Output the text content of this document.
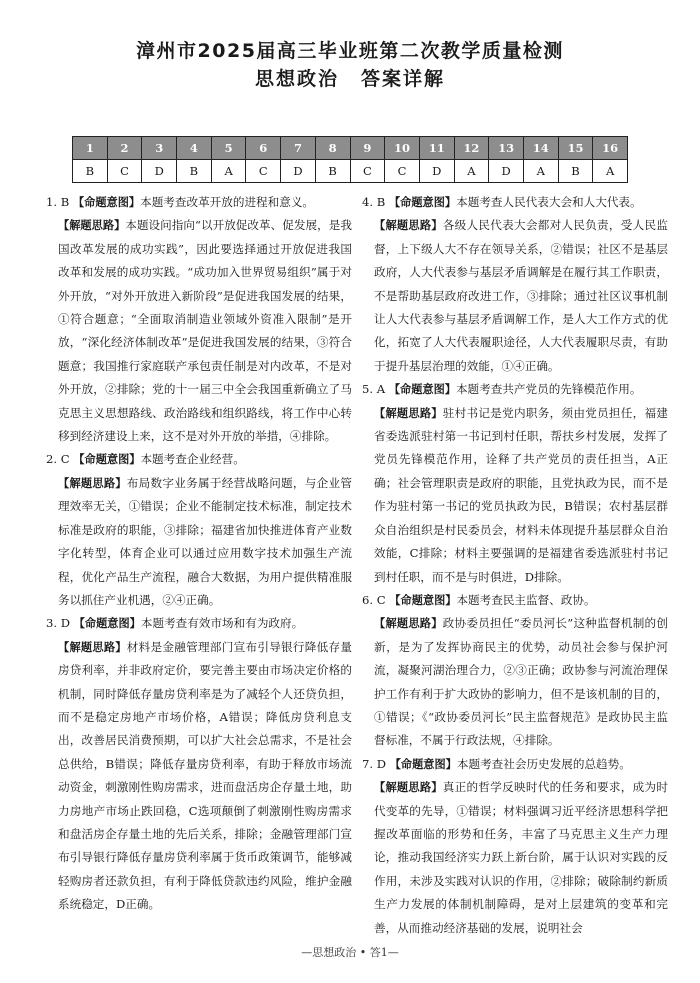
漳州市2025届高三毕业班第二次教学质量检测
思想政治 答案详解
1	2	3	4	5	6	7	8	9	10	11	12	13	14	15	16
B	C	D	B	A	C	D	B	C	C	D	A	D	A	B	A

1. B 【命题意图】本题考查改革开放的进程和意义。

【解题思路】本题设问指向“以开放促改革、促发展，是我国改革发展的成功实践”，因此要选择通过开放促进我国改革和发展的成功实践。“成功加入世界贸易组织”属于对外开放，“对外开放进入新阶段”是促进我国发展的结果，①符合题意；“全面取消制造业领域外资准入限制”是开放，“深化经济体制改革”是促进我国发展的结果，③符合题意；我国推行家庭联产承包责任制是对内改革，不是对外开放，②排除；党的十一届三中全会我国重新确立了马克思主义思想路线、政治路线和组织路线，将工作中心转移到经济建设上来，这不是对外开放的举措，④排除。

2. C 【命题意图】本题考查企业经营。

【解题思路】布局数字业务属于经营战略问题，与企业管理效率无关，①错误；企业不能制定技术标准，制定技术标准是政府的职能，③排除；福建省加快推进体育产业数字化转型，体育企业可以通过应用数字技术加强生产流程，优化产品生产流程，融合大数据，为用户提供精准服务以抓住产业机遇，②④正确。

3. D 【命题意图】本题考查有效市场和有为政府。

【解题思路】材料是金融管理部门宣布引导银行降低存量房贷利率，并非政府定价，要完善主要由市场决定价格的机制，同时降低存量房贷利率是为了减轻个人还贷负担，而不是稳定房地产市场价格，A错误；降低房贷利息支出，改善居民消费预期，可以扩大社会总需求，不是社会总供给，B错误；降低存量房贷利率，有助于释放市场流动资金，刺激刚性购房需求，进而盘活房企存量土地，助力房地产市场止跌回稳，C选项颠倒了刺激刚性购房需求和盘活房企存量土地的先后关系，排除；金融管理部门宣布引导银行降低存量房贷利率属于货币政策调节，能够减轻购房者还款负担，有利于降低贷款违约风险，维护金融系统稳定，D正确。

4. B 【命题意图】本题考查人民代表大会和人大代表。

【解题思路】各级人民代表大会都对人民负责，受人民监督，上下级人大不存在领导关系，②错误；社区不是基层政府，人大代表参与基层矛盾调解是在履行其工作职责，不是帮助基层政府改进工作，③排除；通过社区议事机制让人大代表参与基层矛盾调解工作，是人大工作方式的优化，拓宽了人大代表履职途径，人大代表履职尽责，有助于提升基层治理的效能，①④正确。

5. A 【命题意图】本题考查共产党员的先锋模范作用。

【解题思路】驻村书记是党内职务，须由党员担任，福建省委选派驻村第一书记到村任职，帮扶乡村发展，发挥了党员先锋模范作用，诠释了共产党员的责任担当，A正确；社会管理职责是政府的职能，且党执政为民，而不是作为驻村第一书记的党员执政为民，B错误；农村基层群众自治组织是村民委员会，材料未体现提升基层群众自治效能，C排除；材料主要强调的是福建省委选派驻村书记到村任职，而不是与时俱进，D排除。

6. C 【命题意图】本题考查民主监督、政协。

【解题思路】政协委员担任“委员河长”这种监督机制的创新，是为了发挥协商民主的优势，动员社会参与保护河流，凝聚河湖治理合力，②③正确；政协参与河流治理保护工作有利于扩大政协的影响力，但不是该机制的目的，①错误；《“政协委员河长”民主监督规范》是政协民主监督标准，不属于行政法规，④排除。

7. D 【命题意图】本题考查社会历史发展的总趋势。

【解题思路】真正的哲学反映时代的任务和要求，成为时代变革的先导，①错误；材料强调习近平经济思想科学把握改革面临的形势和任务，丰富了马克思主义生产力理论，推动我国经济实力跃上新台阶，属于认识对实践的反作用，未涉及实践对认识的作用，②排除；破除制约新质生产力发展的体制机制障碍，是对上层建筑的变革和完善，从而推动经济基础的发展，说明社会

—思想政治 • 答1—
